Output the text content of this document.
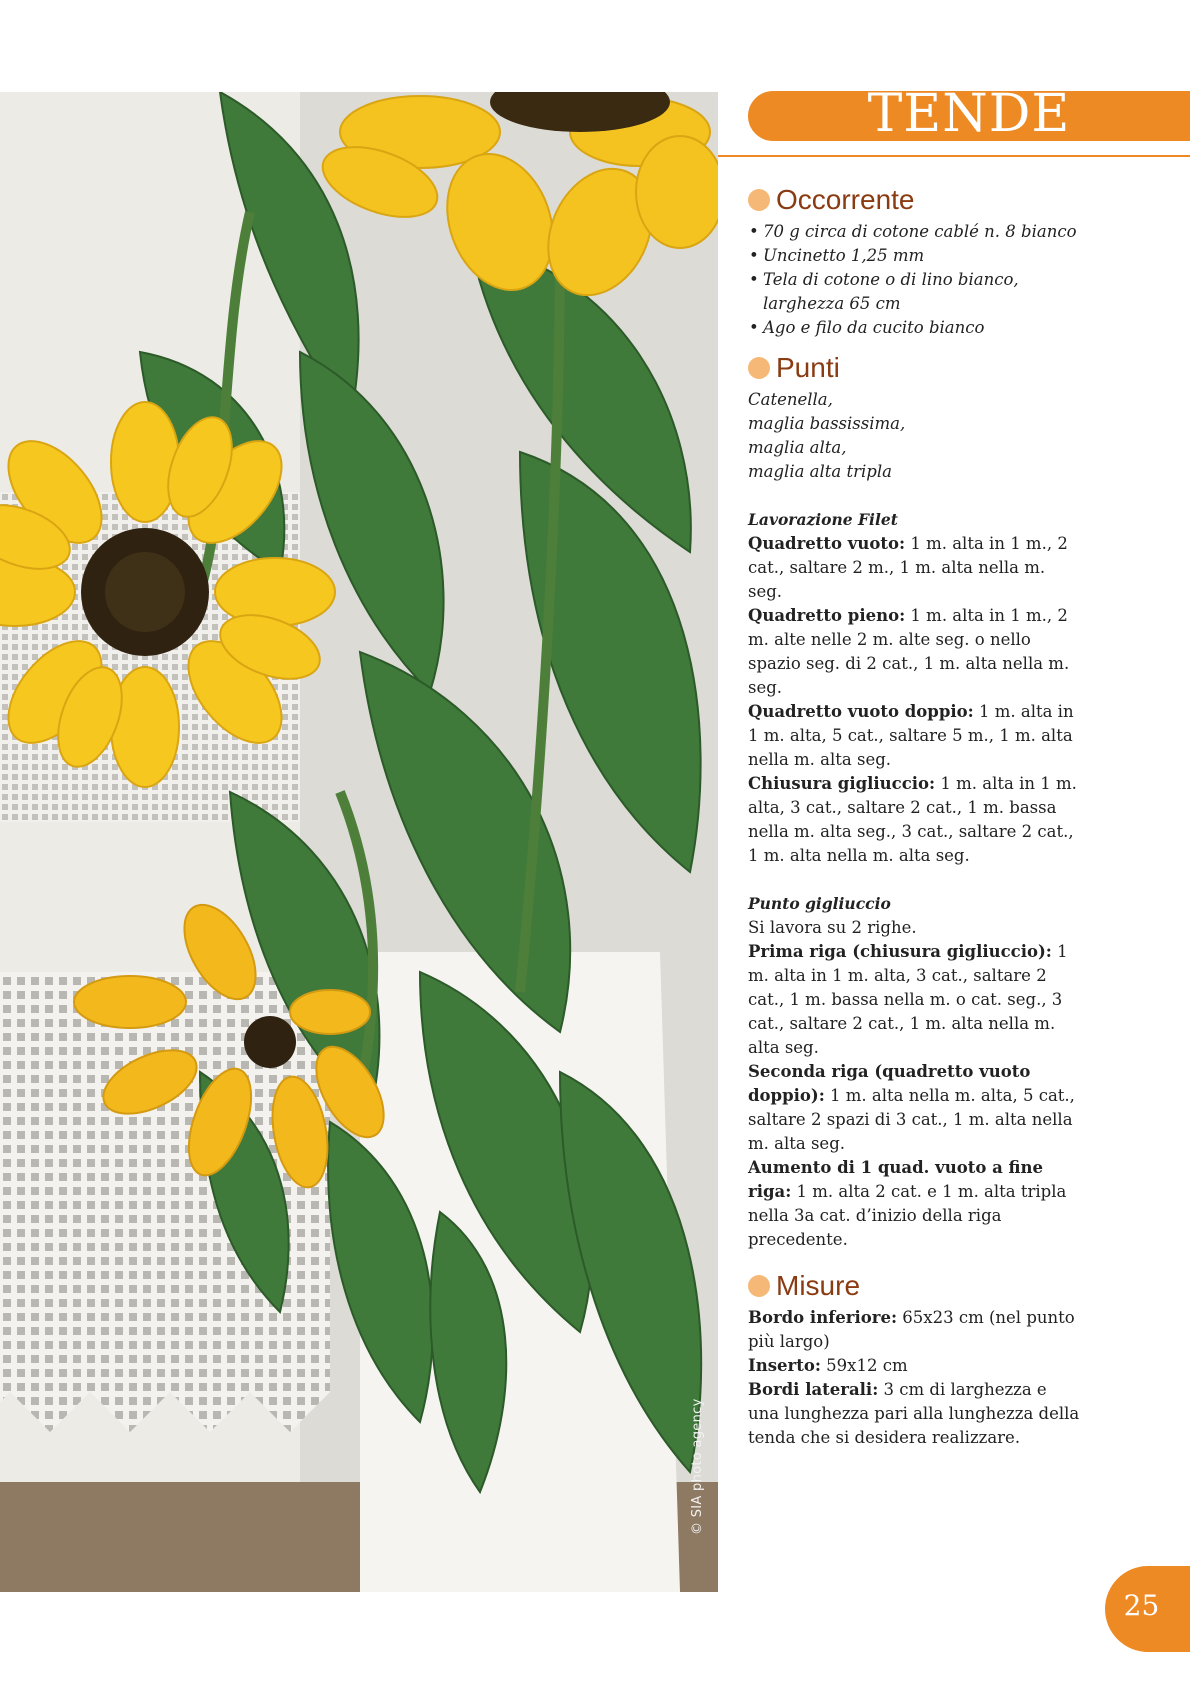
© SIA photo agency
TENDE
Occorrente
• 70 g circa di cotone cablé n. 8 bianco
• Uncinetto 1,25 mm
• Tela di cotone o di lino bianco, larghezza 65 cm
• Ago e filo da cucito bianco
Punti

Catenella,

maglia bassissima,

maglia alta,

maglia alta tripla

Lavorazione Filet

Quadretto vuoto: 1 m. alta in 1 m., 2 cat., saltare 2 m., 1 m. alta nella m. seg.

Quadretto pieno: 1 m. alta in 1 m., 2 m. alte nelle 2 m. alte seg. o nello spazio seg. di 2 cat., 1 m. alta nella m. seg.

Quadretto vuoto doppio: 1 m. alta in 1 m. alta, 5 cat., saltare 5 m., 1 m. alta nella m. alta seg.

Chiusura gigliuccio: 1 m. alta in 1 m. alta, 3 cat., saltare 2 cat., 1 m. bassa nella m. alta seg., 3 cat., saltare 2 cat., 1 m. alta nella m. alta seg.

Punto gigliuccio

Si lavora su 2 righe.

Prima riga (chiusura gigliuccio): 1 m. alta in 1 m. alta, 3 cat., saltare 2 cat., 1 m. bassa nella m. o cat. seg., 3 cat., saltare 2 cat., 1 m. alta nella m. alta seg.

Seconda riga (quadretto vuoto doppio): 1 m. alta nella m. alta, 5 cat., saltare 2 spazi di 3 cat., 1 m. alta nella m. alta seg.

Aumento di 1 quad. vuoto a fine riga: 1 m. alta 2 cat. e 1 m. alta tripla nella 3a cat. d’inizio della riga precedente.

Misure

Bordo inferiore: 65x23 cm (nel punto più largo)

Inserto: 59x12 cm

Bordi laterali: 3 cm di larghezza e una lunghezza pari alla lunghezza della tenda che si desidera realizzare.

25
